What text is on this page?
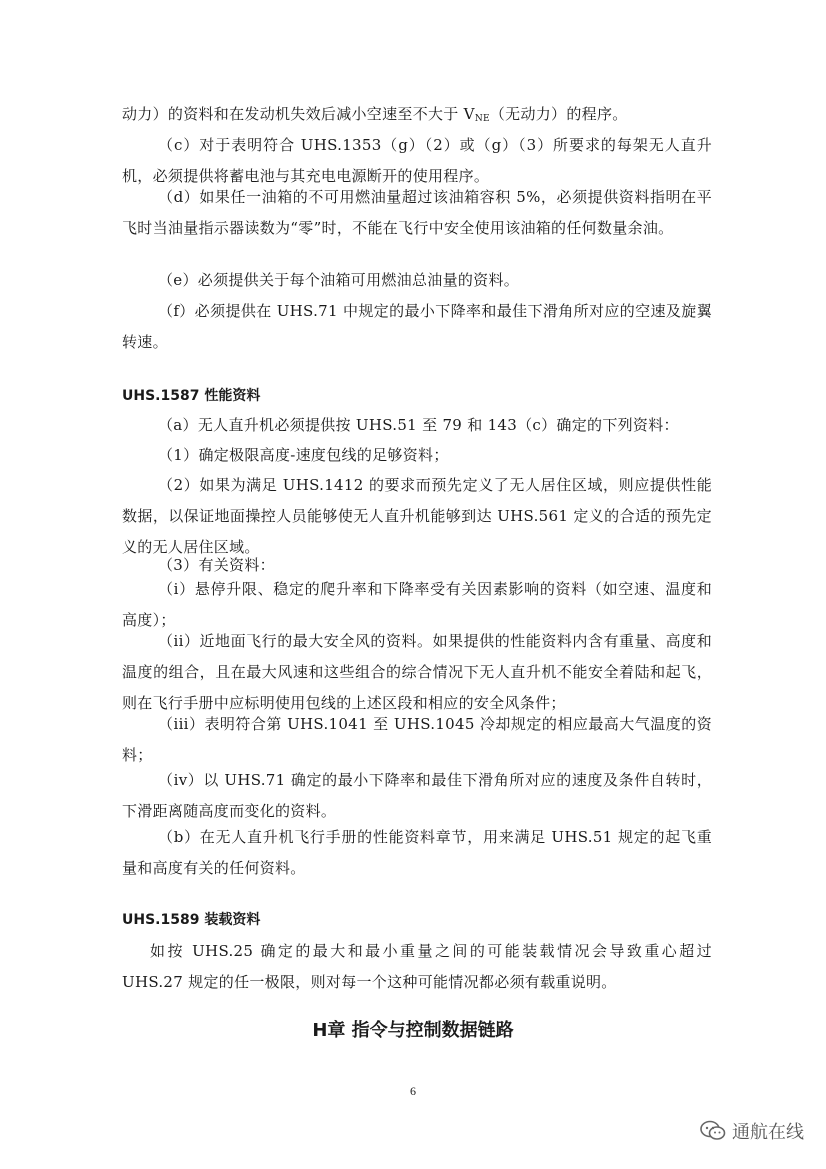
动力）的资料和在发动机失效后减小空速至不大于 $V_{NE}$（无动力）的程序。
（c）对于表明符合 UHS.1353（g）（2）或（g）（3）所要求的每架无人直升机，必须提供将蓄电池与其充电电源断开的使用程序。
（d）如果任一油箱的不可用燃油量超过该油箱容积 5%，必须提供资料指明在平飞时当油量指示器读数为“零”时，不能在飞行中安全使用该油箱的任何数量余油。
（e）必须提供关于每个油箱可用燃油总油量的资料。
（f）必须提供在 UHS.71 中规定的最小下降率和最佳下滑角所对应的空速及旋翼转速。
UHS.1587 性能资料
（a）无人直升机必须提供按 UHS.51 至 79 和 143（c）确定的下列资料：
（1）确定极限高度-速度包线的足够资料；
（2）如果为满足 UHS.1412 的要求而预先定义了无人居住区域，则应提供性能数据，以保证地面操控人员能够使无人直升机能够到达 UHS.561 定义的合适的预先定义的无人居住区域。
（3）有关资料：
（i）悬停升限、稳定的爬升率和下降率受有关因素影响的资料（如空速、温度和高度）；
（ii）近地面飞行的最大安全风的资料。如果提供的性能资料内含有重量、高度和温度的组合，且在最大风速和这些组合的综合情况下无人直升机不能安全着陆和起飞，则在飞行手册中应标明使用包线的上述区段和相应的安全风条件；
（iii）表明符合第 UHS.1041 至 UHS.1045 冷却规定的相应最高大气温度的资料；
（iv）以 UHS.71 确定的最小下降率和最佳下滑角所对应的速度及条件自转时，下滑距离随高度而变化的资料。
（b）在无人直升机飞行手册的性能资料章节，用来满足 UHS.51 规定的起飞重量和高度有关的任何资料。
UHS.1589 装载资料
如按 UHS.25 确定的最大和最小重量之间的可能装载情况会导致重心超过 UHS.27 规定的任一极限，则对每一个这种可能情况都必须有载重说明。
H章 指令与控制数据链路
6
通航在线
